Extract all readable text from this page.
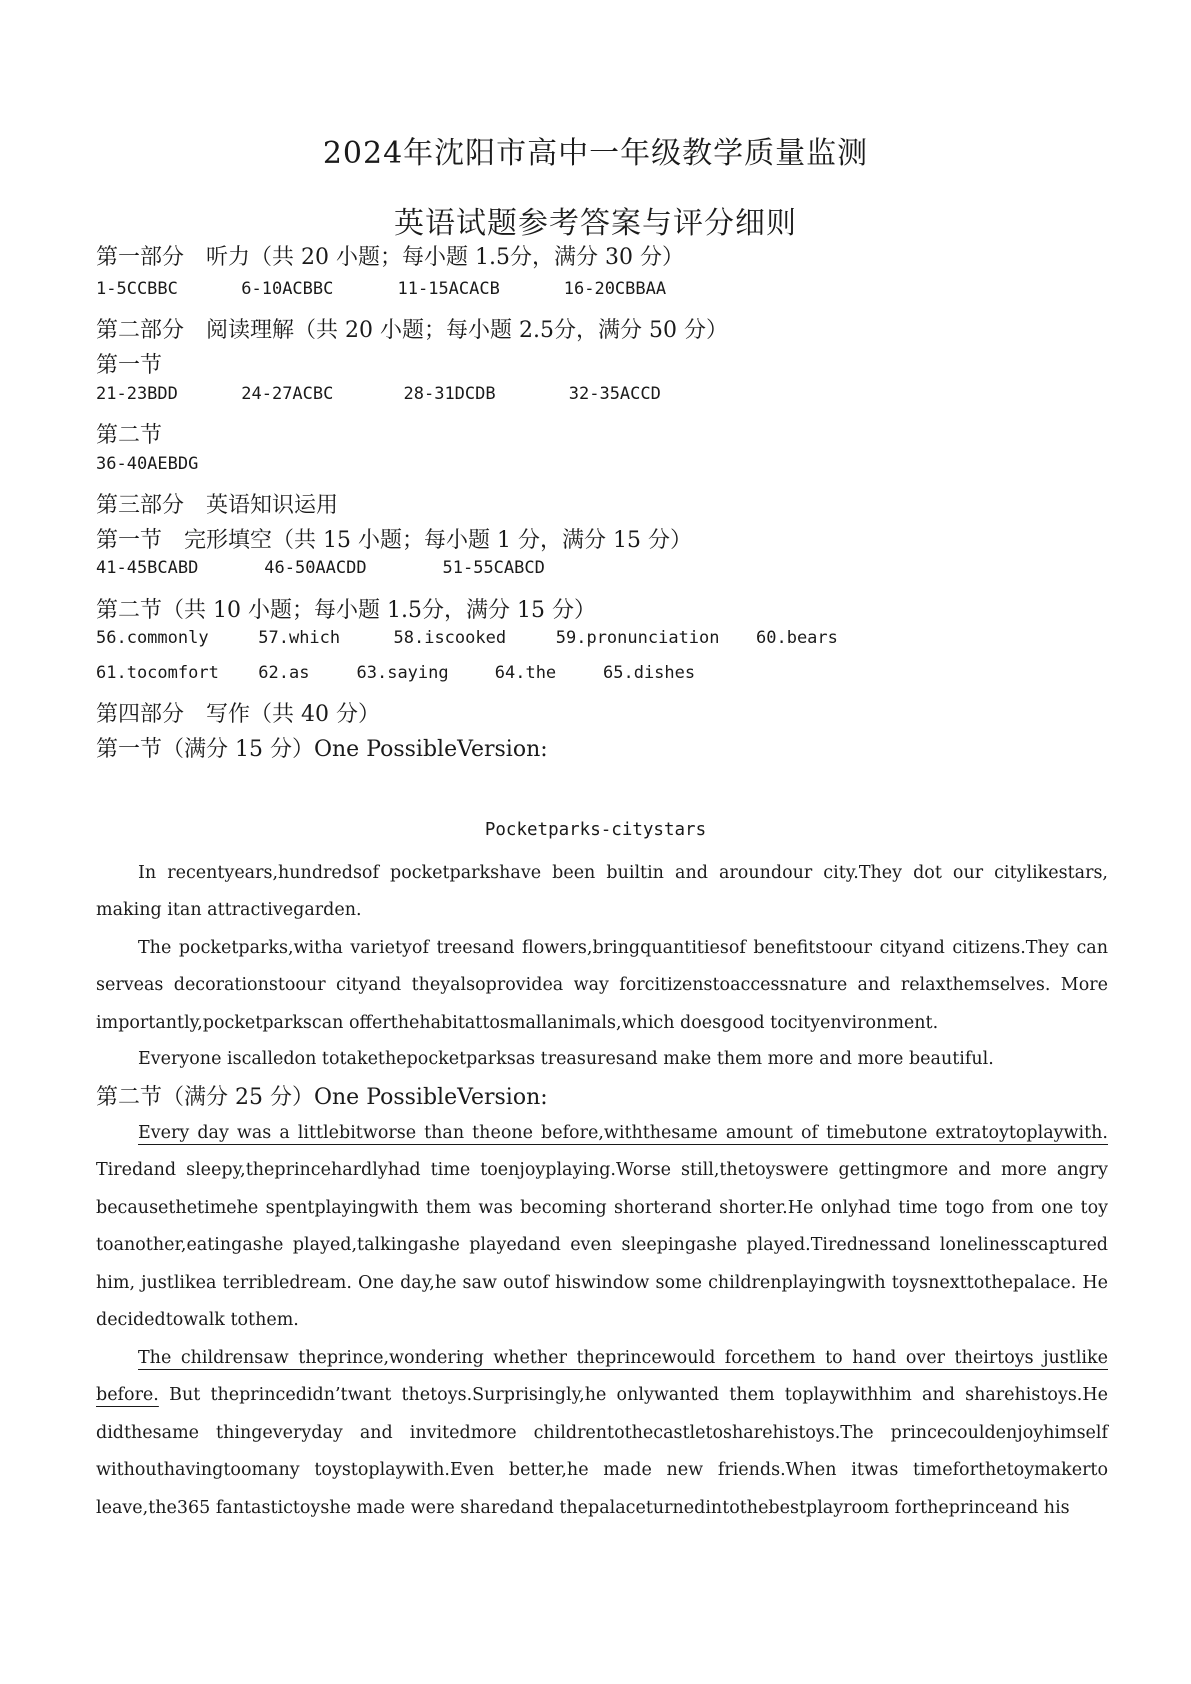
2024年沈阳市高中一年级教学质量监测
英语试题参考答案与评分细则
第一部分　听力（共 20 小题；每小题 1.5分，满分 30 分）
1-5CCBBC	6-10ACBBC	11-15ACACB	16-20CBBAA
第二部分　阅读理解（共 20 小题；每小题 2.5分，满分 50 分）
第一节
21-23BDD	24-27ACBC	28-31DCDB	32-35ACCD
第二节
36-40AEBDG
第三部分　英语知识运用
第一节　完形填空（共 15 小题；每小题 1 分，满分 15 分）
41-45BCABD	46-50AACDD	51-55CABCD
第二节（共 10 小题；每小题 1.5分，满分 15 分）
56.commonly	57.which	58.iscooked	59.pronunciation 60.bears
61.tocomfort 62.as	63.saying	64.the	65.dishes
第四部分　写作（共 40 分）
第一节（满分 15 分）One PossibleVersion:
Pocketparks-citystars
In recentyears,hundredsof pocketparkshave been builtin and aroundour city.They dot our citylikestars, making itan attractivegarden.
The pocketparks,witha varietyof treesand flowers,bringquantitiesof benefitstoour cityand citizens.They can serveas decorationstoour cityand theyalsoprovidea way forcitizenstoaccessnature and relaxthemselves. More importantly,pocketparkscan offerthehabitattosmallanimals,which doesgood tocityenvironment.
Everyone iscalledon totakethepocketparksas treasuresand make them more and more beautiful.
第二节（满分 25 分）One PossibleVersion:
Every day was a littlebitworse than theone before,withthesame amount of timebutone extratoytoplaywith. Tiredand sleepy,theprincehardlyhad time toenjoyplaying.Worse still,thetoyswere gettingmore and more angry becausethetimehe spentplayingwith them was becoming shorterand shorter.He onlyhad time togo from one toy toanother,eatingashe played,talkingashe playedand even sleepingashe played.Tirednessand lonelinesscaptured him, justlikea terribledream. One day,he saw outof hiswindow some childrenplayingwith toysnexttothepalace. He decidedtowalk tothem.
The childrensaw theprince,wondering whether theprincewould forcethem to hand over theirtoys justlike before. But theprincedidn’twant thetoys.Surprisingly,he onlywanted them toplaywithhim and sharehistoys.He didthesame thingeveryday and invitedmore childrentothecastletosharehistoys.The princecouldenjoyhimself withouthavingtoomany toystoplaywith.Even better,he made new friends.When itwas timeforthetoymakerto leave,the365 fantastictoyshe made were sharedand thepalaceturnedintothebestplayroom fortheprinceand his
